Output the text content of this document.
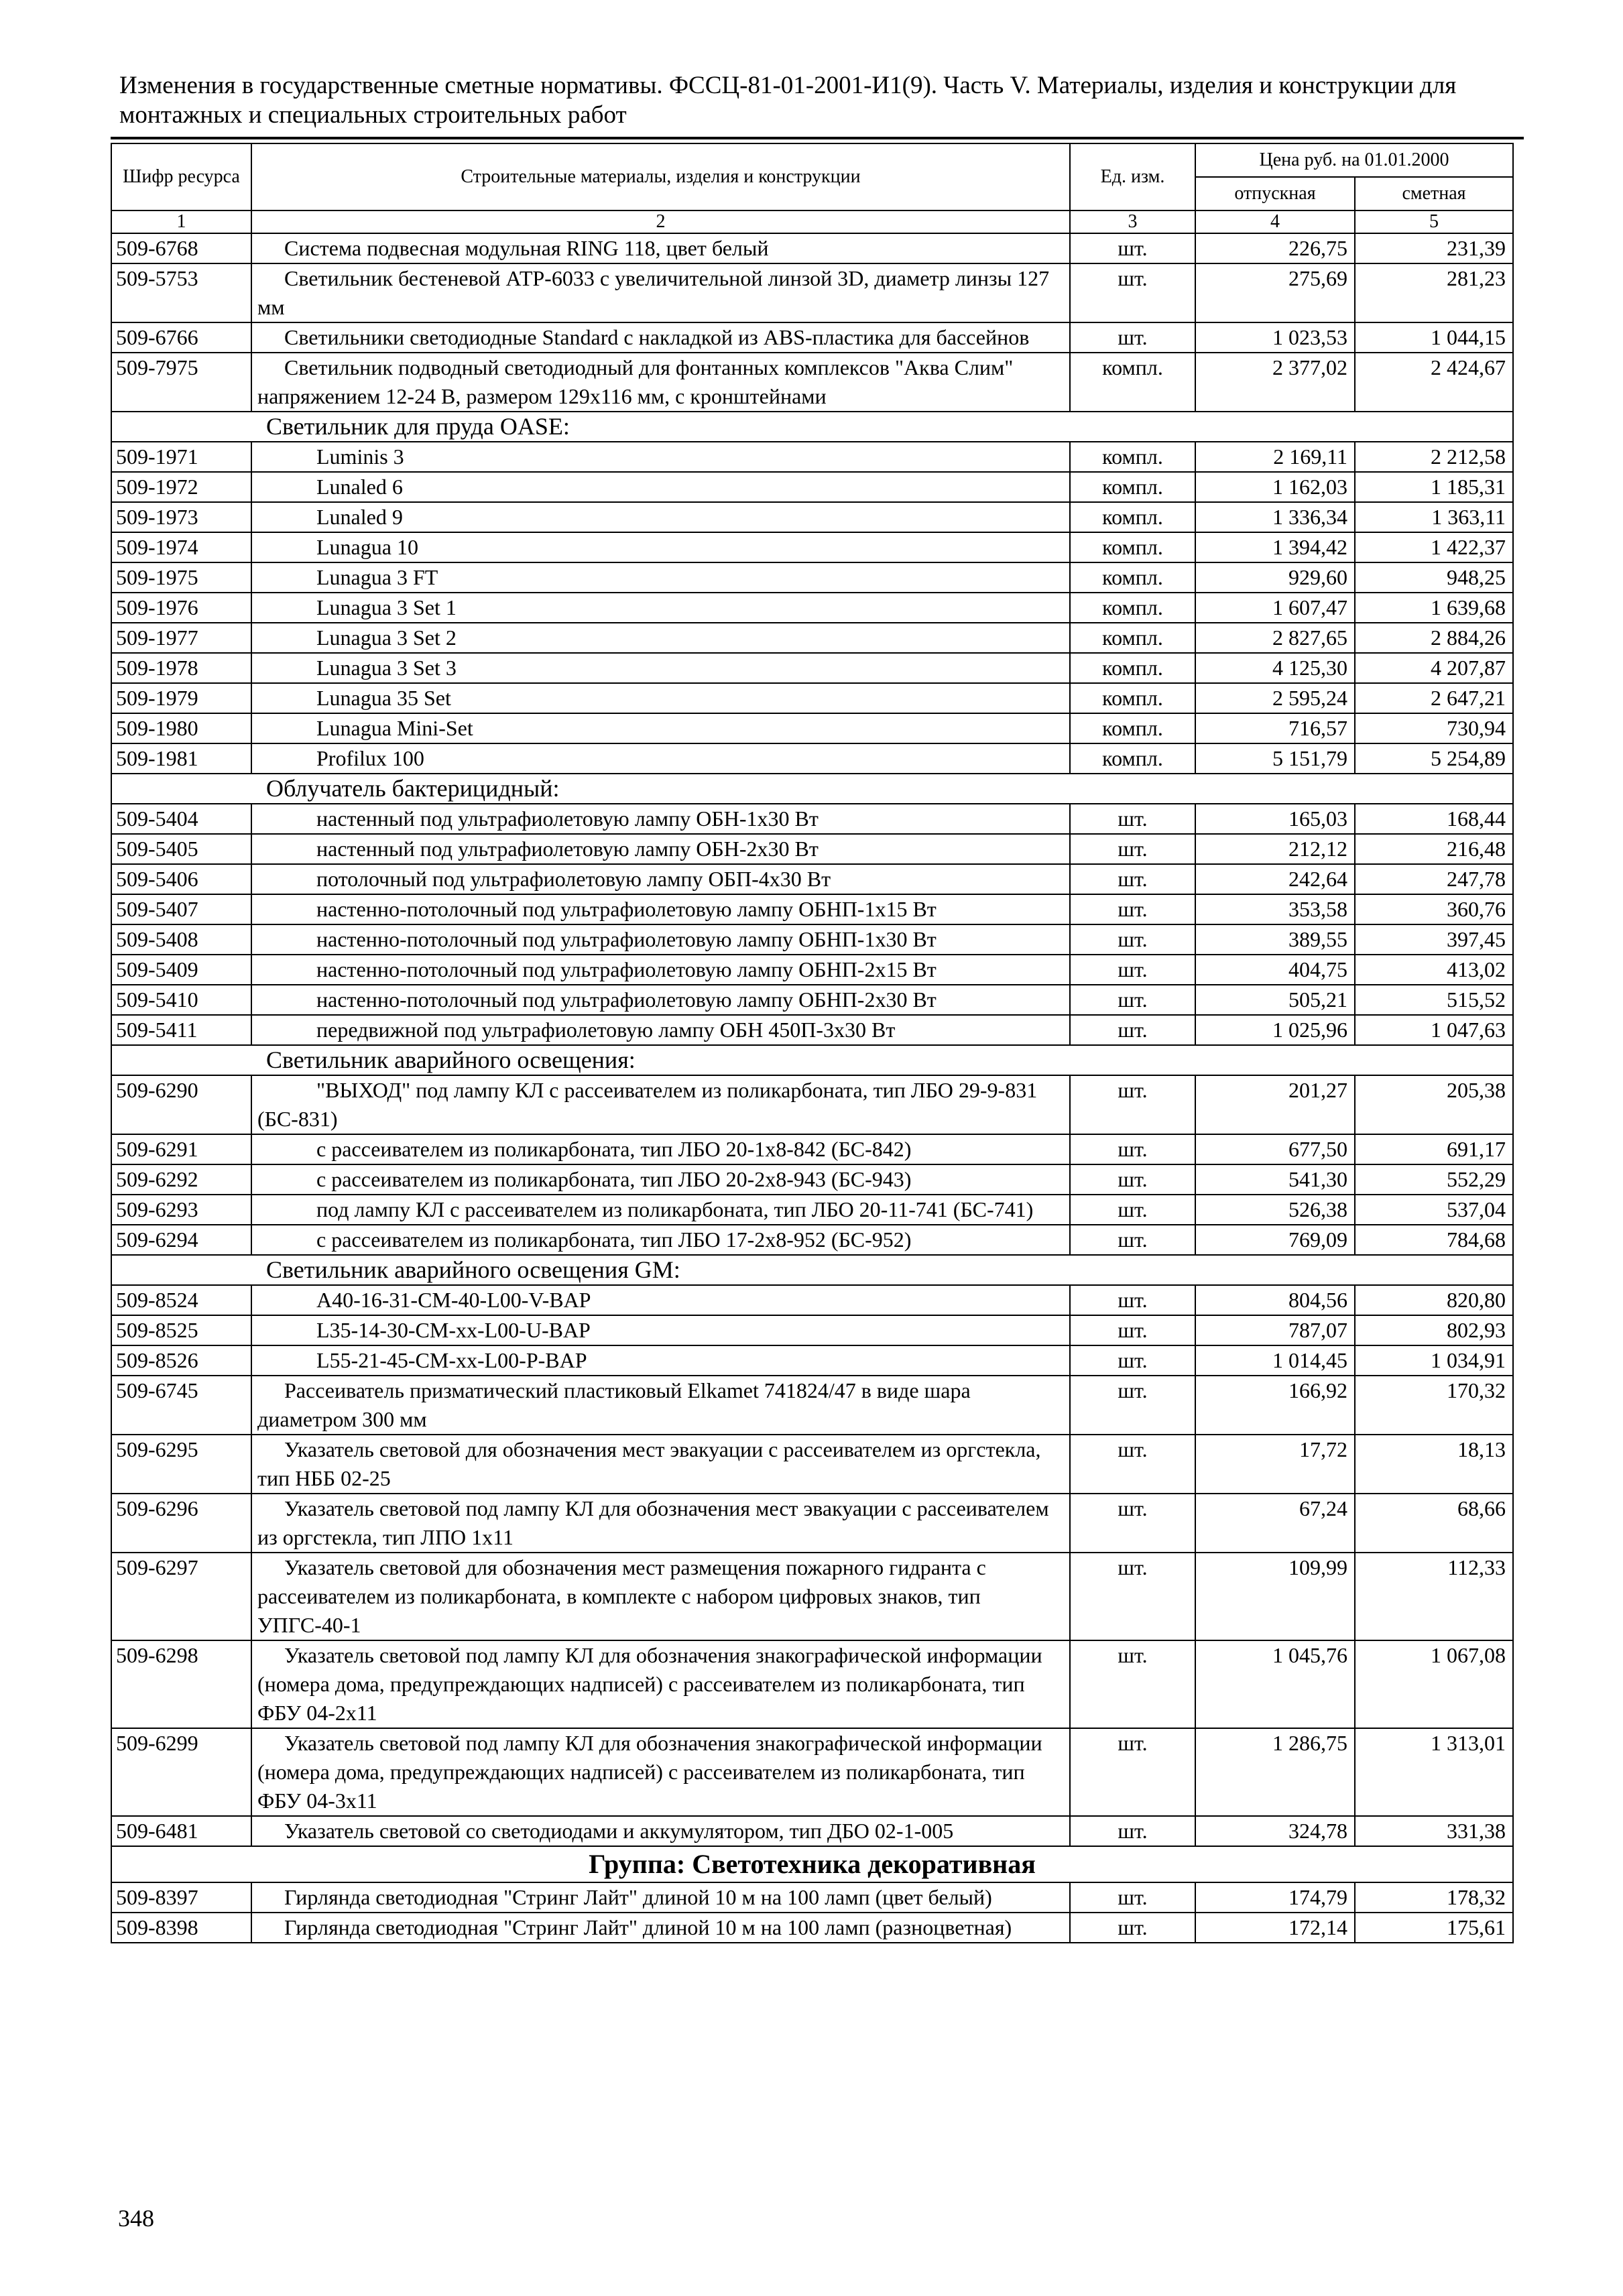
Изменения в государственные сметные нормативы. ФССЦ-81-01-2001-И1(9). Часть V. Материалы, изделия и конструкции для монтажных и специальных строительных работ
Шифр ресурса	Строительные материалы, изделия и конструкции	Ед. изм.	Цена руб. на 01.01.2000	
			отпускная	сметная
1	2	3	4	5
509-6768	Система подвесная модульная RING 118, цвет белый	шт.	226,75	231,39
509-5753	Светильник бестеневой АТР-6033 с увеличительной линзой 3D, диаметр линзы 127 мм	шт.	275,69	281,23
509-6766	Светильники светодиодные Standard с накладкой из ABS-пластика для бассейнов	шт.	1 023,53	1 044,15
509-7975	Светильник подводный светодиодный для фонтанных комплексов "Аква Слим" напряжением 12-24 В, размером 129х116 мм, с кронштейнами	компл.	2 377,02	2 424,67
Светильник для пруда OASE:				
509-1971	Luminis 3	компл.	2 169,11	2 212,58
509-1972	Lunaled 6	компл.	1 162,03	1 185,31
509-1973	Lunaled 9	компл.	1 336,34	1 363,11
509-1974	Lunagua 10	компл.	1 394,42	1 422,37
509-1975	Lunagua 3 FT	компл.	929,60	948,25
509-1976	Lunagua 3 Set 1	компл.	1 607,47	1 639,68
509-1977	Lunagua 3 Set 2	компл.	2 827,65	2 884,26
509-1978	Lunagua 3 Set 3	компл.	4 125,30	4 207,87
509-1979	Lunagua 35 Set	компл.	2 595,24	2 647,21
509-1980	Lunagua Mini-Set	компл.	716,57	730,94
509-1981	Profilux 100	компл.	5 151,79	5 254,89
Облучатель бактерицидный:				
509-5404	настенный под ультрафиолетовую лампу ОБН-1х30 Вт	шт.	165,03	168,44
509-5405	настенный под ультрафиолетовую лампу ОБН-2х30 Вт	шт.	212,12	216,48
509-5406	потолочный под ультрафиолетовую лампу ОБП-4х30 Вт	шт.	242,64	247,78
509-5407	настенно-потолочный под ультрафиолетовую лампу ОБНП-1х15 Вт	шт.	353,58	360,76
509-5408	настенно-потолочный под ультрафиолетовую лампу ОБНП-1х30 Вт	шт.	389,55	397,45
509-5409	настенно-потолочный под ультрафиолетовую лампу ОБНП-2х15 Вт	шт.	404,75	413,02
509-5410	настенно-потолочный под ультрафиолетовую лампу ОБНП-2х30 Вт	шт.	505,21	515,52
509-5411	передвижной под ультрафиолетовую лампу ОБН 450П-3х30 Вт	шт.	1 025,96	1 047,63
Светильник аварийного освещения:				
509-6290	"ВЫХОД" под лампу КЛ с рассеивателем из поликарбоната, тип ЛБО 29-9-831 (БС-831)	шт.	201,27	205,38
509-6291	с рассеивателем из поликарбоната, тип ЛБО 20-1х8-842 (БС-842)	шт.	677,50	691,17
509-6292	с рассеивателем из поликарбоната, тип ЛБО 20-2х8-943 (БС-943)	шт.	541,30	552,29
509-6293	под лампу КЛ с рассеивателем из поликарбоната, тип ЛБО 20-11-741 (БС-741)	шт.	526,38	537,04
509-6294	с рассеивателем из поликарбоната, тип ЛБО 17-2х8-952 (БС-952)	шт.	769,09	784,68
Светильник аварийного освещения GM:				
509-8524	A40-16-31-CM-40-L00-V-BAP	шт.	804,56	820,80
509-8525	L35-14-30-CM-xx-L00-U-BAP	шт.	787,07	802,93
509-8526	L55-21-45-CM-xx-L00-P-BAP	шт.	1 014,45	1 034,91
509-6745	Рассеиватель призматический пластиковый Elkamet 741824/47 в виде шара диаметром 300 мм	шт.	166,92	170,32
509-6295	Указатель световой для обозначения мест эвакуации с рассеивателем из оргстекла, тип НББ 02-25	шт.	17,72	18,13
509-6296	Указатель световой под лампу КЛ для обозначения мест эвакуации с рассеивателем из оргстекла, тип ЛПО 1х11	шт.	67,24	68,66
509-6297	Указатель световой для обозначения мест размещения пожарного гидранта с рассеивателем из поликарбоната, в комплекте с набором цифровых знаков, тип УПГС-40-1	шт.	109,99	112,33
509-6298	Указатель световой под лампу КЛ для обозначения знакографической информации (номера дома, предупреждающих надписей) с рассеивателем из поликарбоната, тип ФБУ 04-2х11	шт.	1 045,76	1 067,08
509-6299	Указатель световой под лампу КЛ для обозначения знакографической информации (номера дома, предупреждающих надписей) с рассеивателем из поликарбоната, тип ФБУ 04-3х11	шт.	1 286,75	1 313,01
509-6481	Указатель световой со светодиодами и аккумулятором, тип ДБО 02-1-005	шт.	324,78	331,38
Группа: Светотехника декоративная				
509-8397	Гирлянда светодиодная "Стринг Лайт" длиной 10 м на 100 ламп (цвет белый)	шт.	174,79	178,32
509-8398	Гирлянда светодиодная "Стринг Лайт" длиной 10 м на 100 ламп (разноцветная)	шт.	172,14	175,61
348
